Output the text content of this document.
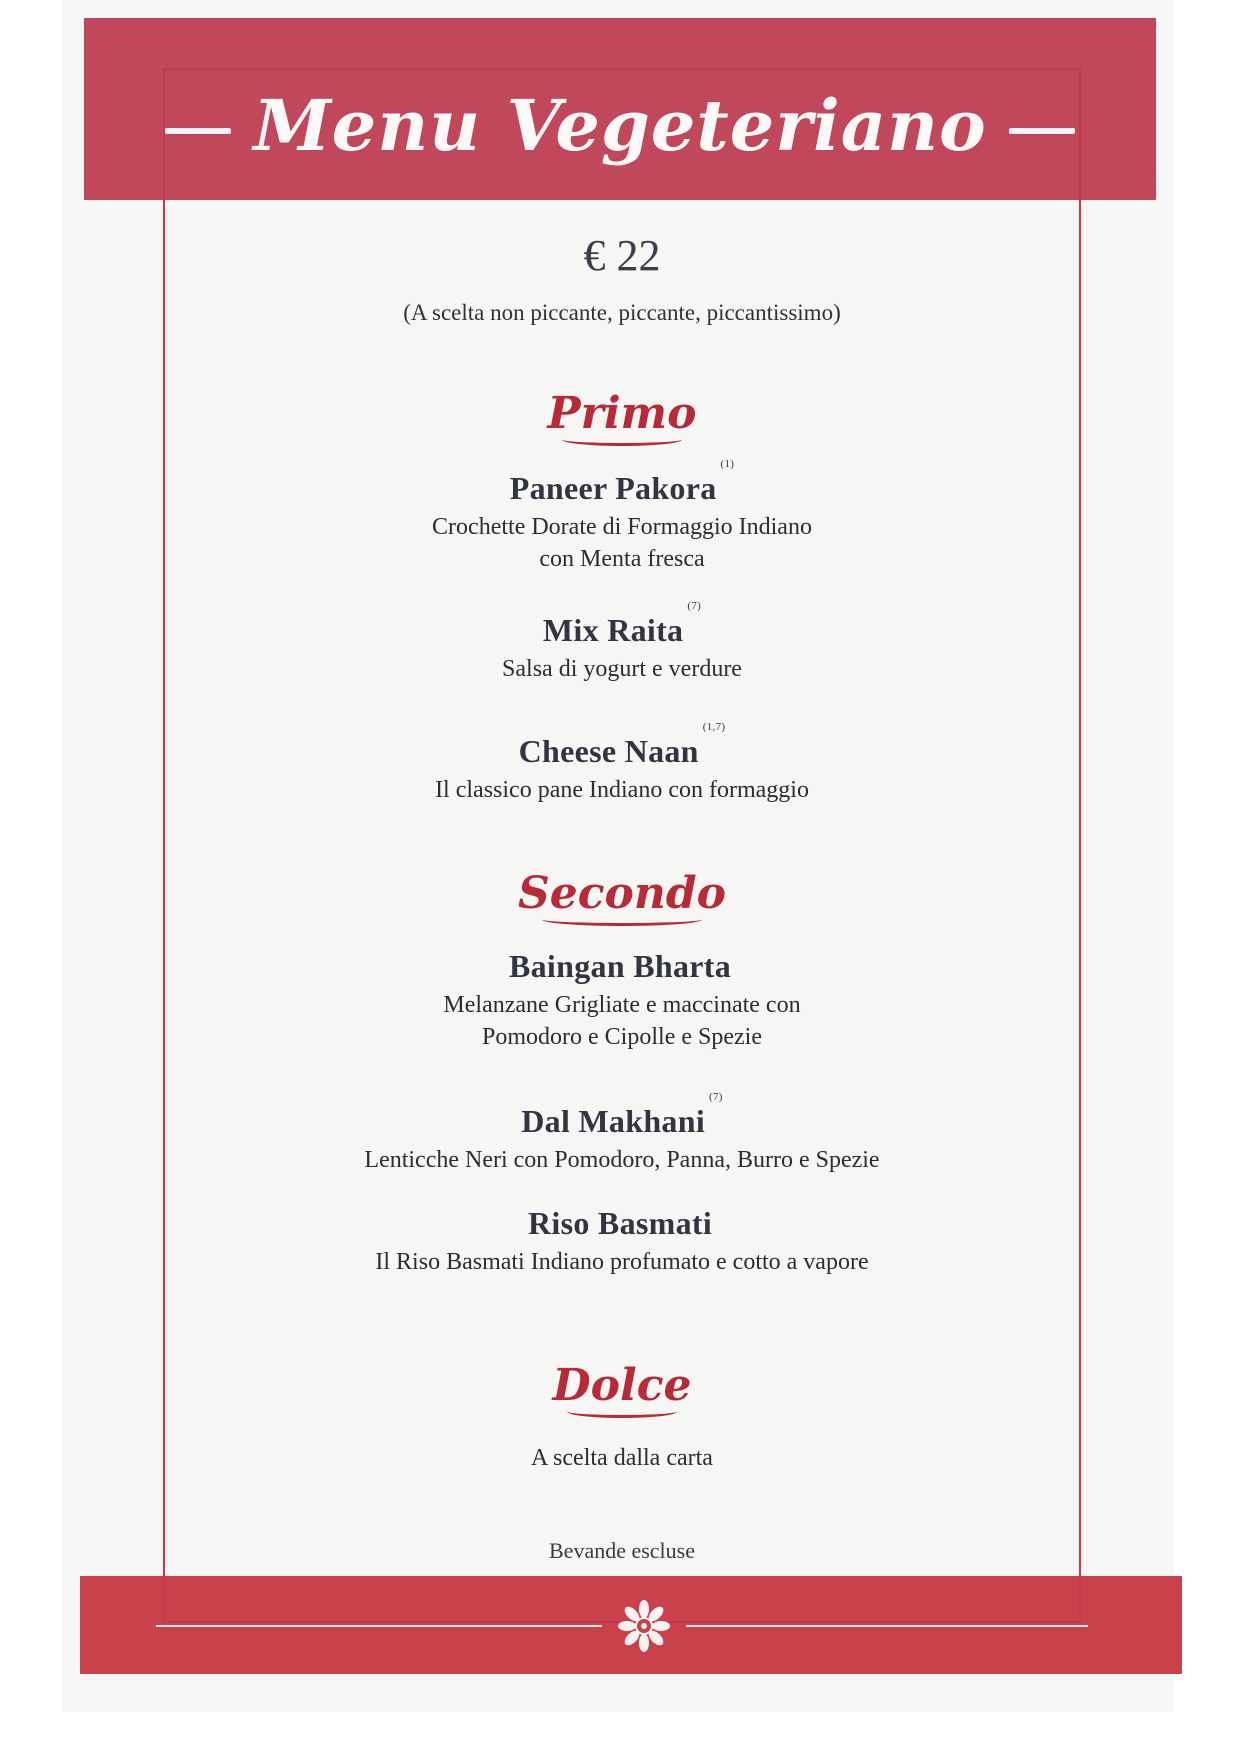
Menu Vegeteriano
€ 22
(A scelta non piccante, piccante, piccantissimo)
Primo
Paneer Pakora$^{(1)}$
Crochette Dorate di Formaggio Indiano
con Menta fresca
Mix Raita$^{(7)}$
Salsa di yogurt e verdure
Cheese Naan$^{(1,7)}$
Il classico pane Indiano con formaggio
Secondo
Baingan Bharta
Melanzane Grigliate e maccinate con
Pomodoro e Cipolle e Spezie
Dal Makhani$^{(7)}$
Lenticche Neri con Pomodoro, Panna, Burro e Spezie
Riso Basmati
Il Riso Basmati Indiano profumato e cotto a vapore
Dolce
A scelta dalla carta
Bevande escluse
